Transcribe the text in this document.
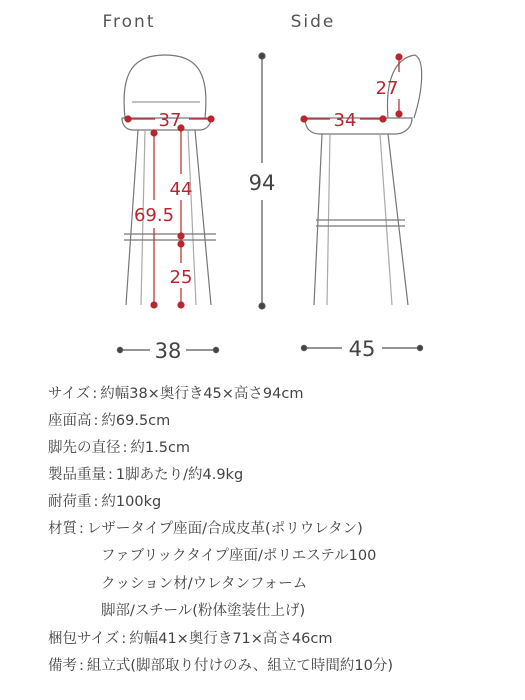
Front	Side
37
69.5
44
25
27
34
94
38	45
サイズ : 約幅38×奥行き45×高さ94cm
座面高 : 約69.5cm
脚先の直径 : 約1.5cm
製品重量 : 1脚あたり/約4.9kg
耐荷重 : 約100kg
材質 : レザータイプ座面/合成皮革(ポリウレタン)
ファブリックタイプ座面/ポリエステル100
クッション材/ウレタンフォーム
脚部/スチール(粉体塗装仕上げ)
梱包サイズ : 約幅41×奥行き71×高さ46cm
備考 : 組立式(脚部取り付けのみ、組立て時間約10分)
